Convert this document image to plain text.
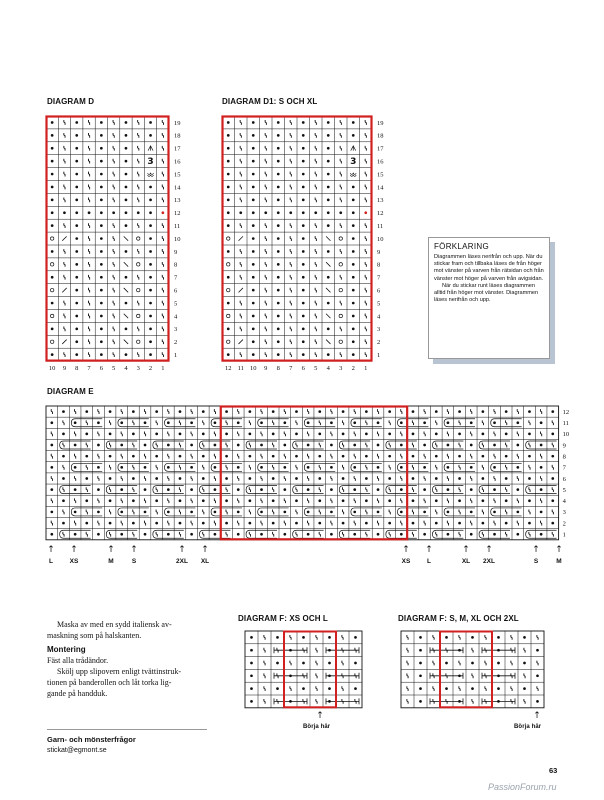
DIAGRAM D	DIAGRAM D1: S OCH XL
DIAGRAM E
DIAGRAM F: XS OCH L	DIAGRAM F: S, M, XL OCH 2XL
3
19
18
17
16
15
14
13
12
11
10
9
8
7
6
5
4
3
2
1
10 9 8 7 6 5 4 3 2 1
3
19
18
17
16
15
14
13
12
11
10
9
8
7
6
5
4
3
2
1
12 11 10 9 8 7 6 5 4 3 2 1
FÖRKLARING

Diagrammen läses nerifrån och upp. När du stickar fram och tillbaka läses de från höger mot vänster på varven från rätsidan och från vänster mot höger på varven från avigsidan.

När du stickar runt läses diagrammen alltid från höger mot vänster. Diagrammen läses nerifrån och upp.

12
11
10
9
8
7
6
5
4
3
2
1
↑
L
↑
XS
↑
M
↑
S
↑
2XL
↑
XL
↑
XS
↑
L
↑
XL
↑
2XL
↑
S
↑
M
↑
Börja här
↑
Börja här
Maska av med en sydd italiensk av-
maskning som på halskanten.
Montering
Fäst alla trådändor.
Skölj upp slipovern enligt tvättinstruk-
tionen på banderollen och låt torka lig-
gande på handduk.
Garn- och mönsterfrågor
stickat@egmont.se
63
PassionForum.ru
